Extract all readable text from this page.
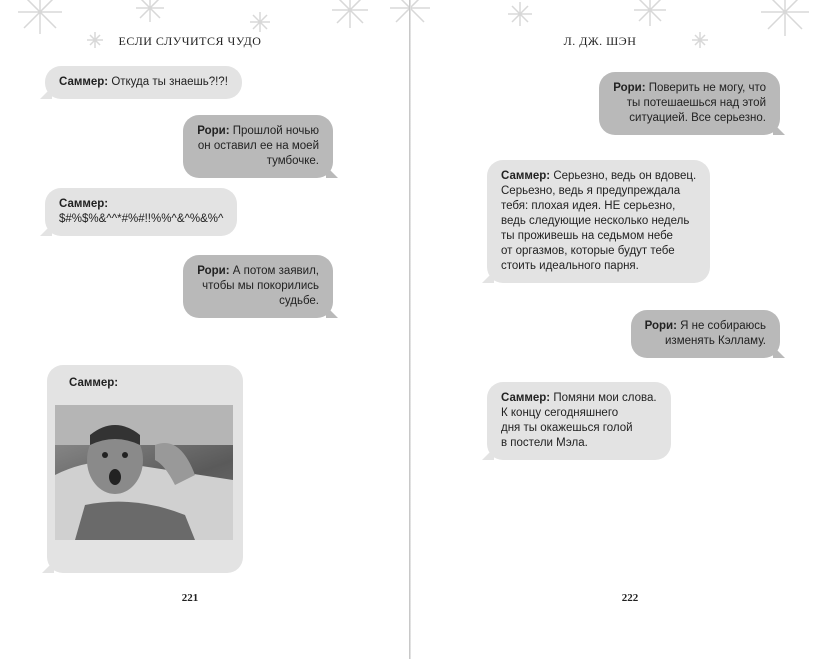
ЕСЛИ СЛУЧИТСЯ ЧУДО	Л. ДЖ. ШЭН
Саммер: Откуда ты знаешь?!?!
Рори: Прошлой ночью
он оставил ее на моей
тумбочке.
Саммер:
$#%$%&^^*#%#!!%%^&^%&%^
Рори: А потом заявил,
чтобы мы покорились
судьбе.
Саммер:
Рори: Поверить не могу, что
ты потешаешься над этой
ситуацией. Все серьезно.
Саммер: Серьезно, ведь он вдовец.
Серьезно, ведь я предупреждала
тебя: плохая идея. НЕ серьезно,
ведь следующие несколько недель
ты проживешь на седьмом небе
от оргазмов, которые будут тебе
стоить идеального парня.
Рори: Я не собираюсь
изменять Кэлламу.
Саммер: Помяни мои слова.
К концу сегодняшнего
дня ты окажешься голой
в постели Мэла.
221	222
